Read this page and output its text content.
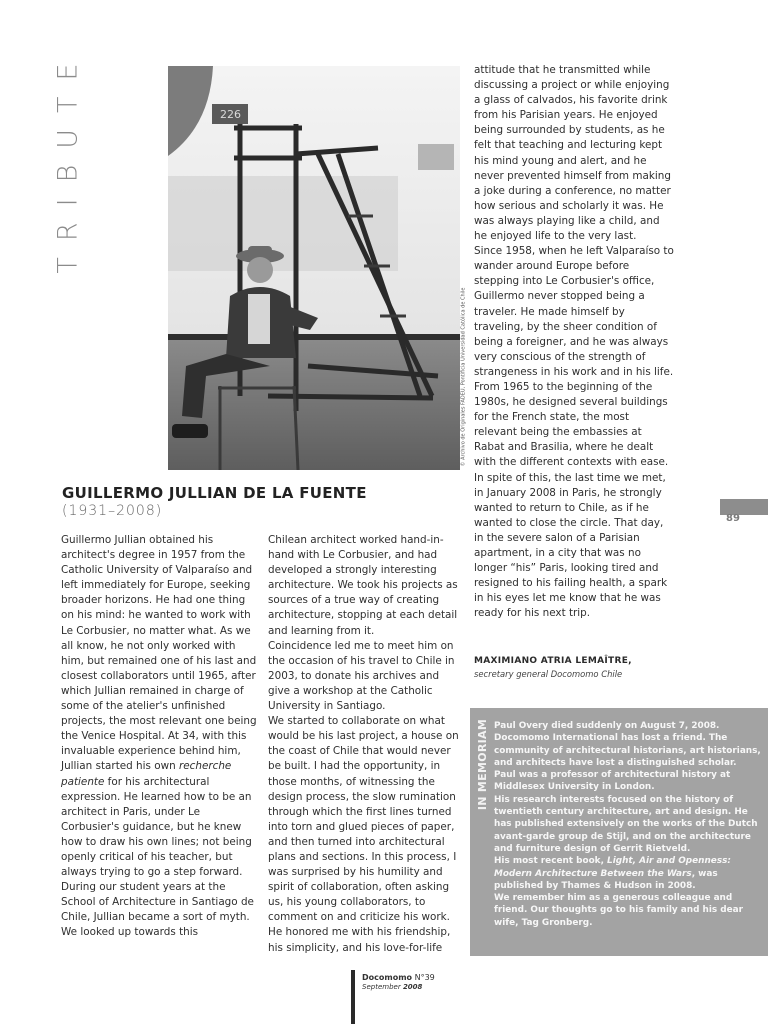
TRIBUTE	226
© Archivo de Originales FADEU, Pontificia Universidad Católica de Chile
GUILLERMO JULLIAN DE LA FUENTE
(1931–2008)

Guillermo Jullian obtained his architect's degree in 1957 from the Catholic University of Valparaíso and left immediately for Europe, seeking broader horizons. He had one thing on his mind: he wanted to work with Le Corbusier, no matter what. As we all know, he not only worked with him, but remained one of his last and closest collaborators until 1965, after which Jullian remained in charge of some of the atelier's unfinished projects, the most relevant one being the Venice Hospital. At 34, with this invaluable experience behind him, Jullian started his own recherche patiente for his architectural expression. He learned how to be an architect in Paris, under Le Corbusier's guidance, but he knew how to draw his own lines; not being openly critical of his teacher, but always trying to go a step forward.

During our student years at the School of Architecture in Santiago de Chile, Jullian became a sort of myth. We looked up towards this

Chilean architect worked hand-in-hand with Le Corbusier, and had developed a strongly interesting architecture. We took his projects as sources of a true way of creating architecture, stopping at each detail and learning from it.

Coincidence led me to meet him on the occasion of his travel to Chile in 2003, to donate his archives and give a workshop at the Catholic University in Santiago.

We started to collaborate on what would be his last project, a house on the coast of Chile that would never be built. I had the opportunity, in those months, of witnessing the design process, the slow rumination through which the first lines turned into torn and glued pieces of paper, and then turned into architectural plans and sections. In this process, I was surprised by his humility and spirit of collaboration, often asking us, his young collaborators, to comment on and criticize his work. He honored me with his friendship, his simplicity, and his love-for-life

attitude that he transmitted while discussing a project or while enjoying a glass of calvados, his favorite drink from his Parisian years. He enjoyed being surrounded by students, as he felt that teaching and lecturing kept his mind young and alert, and he never prevented himself from making a joke during a conference, no matter how serious and scholarly it was. He was always playing like a child, and he enjoyed life to the very last.

Since 1958, when he left Valparaíso to wander around Europe before stepping into Le Corbusier's office, Guillermo never stopped being a traveler. He made himself by traveling, by the sheer condition of being a foreigner, and he was always very conscious of the strength of strangeness in his work and in his life. From 1965 to the beginning of the 1980s, he designed several buildings for the French state, the most relevant being the embassies at Rabat and Brasilia, where he dealt with the different contexts with ease. In spite of this, the last time we met, in January 2008 in Paris, he strongly wanted to return to Chile, as if he wanted to close the circle. That day, in the severe salon of a Parisian apartment, in a city that was no longer “his” Paris, looking tired and resigned to his failing health, a spark in his eyes let me know that he was ready for his next trip.

MAXIMIANO ATRIA LEMAÎTRE,
secretary general Docomomo Chile
89
IN MEMORIAM Paul Overy died suddenly on August 7, 2008. Docomomo International has lost a friend. The community of architectural historians, art historians, and architects have lost a distinguished scholar.

Paul was a professor of architectural history at Middlesex University in London.

His research interests focused on the history of twentieth century architecture, art and design. He has published extensively on the works of the Dutch avant-garde group de Stijl, and on the architecture and furniture design of Gerrit Rietveld.

His most recent book, Light, Air and Openness: Modern Architecture Between the Wars, was published by Thames & Hudson in 2008.

We remember him as a generous colleague and friend. Our thoughts go to his family and his dear wife, Tag Gronberg.

Docomomo N°39
September 2008
